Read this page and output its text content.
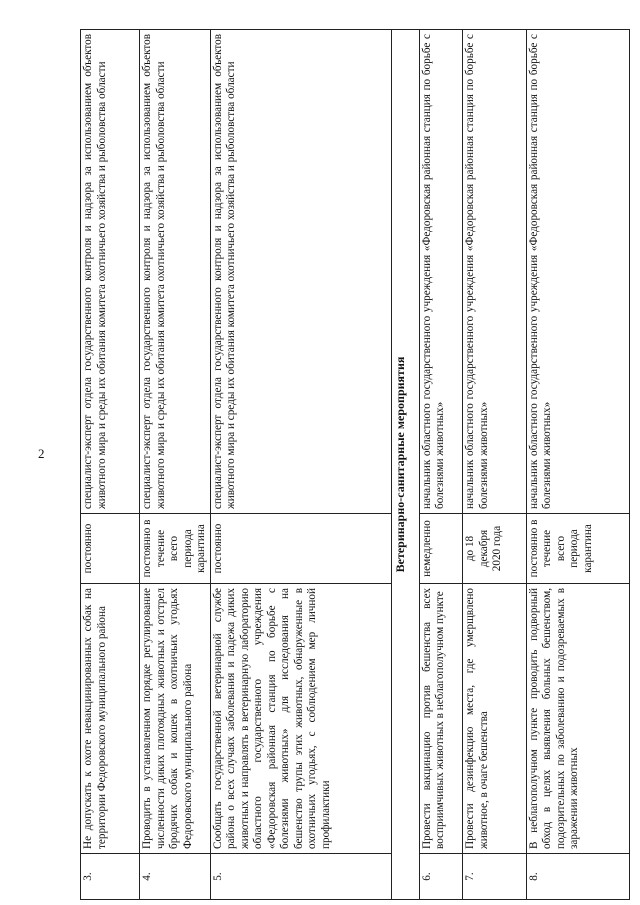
2
3.	Не допускать к охоте невакцинированных собак на территории Федоровского муниципального района	постоянно	специалист-эксперт отдела государственного контроля и надзора за использованием объектов животного мира и среды их обитания комитета охотничьего хозяйства и рыболовства области
4.	Проводить в установленном порядке регулирование численности диких плотоядных животных и отстрел бродячих собак и кошек в охотничьих угодьях Федоровского муниципального района	постоянно в течение всего периода карантина	специалист-эксперт отдела государственного контроля и надзора за использованием объектов животного мира и среды их обитания комитета охотничьего хозяйства и рыболовства области
5.	Сообщать государственной ветеринарной службе района о всех случаях заболевания и падежа диких животных и направлять в ветеринарную лабораторию областного государственного учреждения «Федоровская районная станция по борьбе с болезнями животных» для исследования на бешенство трупы этих животных, обнаруженные в охотничьих угодьях, с соблюдением мер личной профилактики	постоянно	специалист-эксперт отдела государственного контроля и надзора за использованием объектов животного мира и среды их обитания комитета охотничьего хозяйства и рыболовства области
Ветеринарно-санитарные мероприятия			
6.	Провести вакцинацию против бешенства всех восприимчивых животных в неблагополучном пункте	немедленно	начальник областного государственного учреждения «Федоровская районная станция по борьбе с болезнями животных»
7.	Провести дезинфекцию места, где умерщвлено животное, в очаге бешенства	до 18 декабря 2020 года	начальник областного государственного учреждения «Федоровская районная станция по борьбе с болезнями животных»
8.	В неблагополучном пункте проводить подворный обход в целях выявления больных бешенством, подозрительных по заболеванию и подозреваемых в заражении животных	постоянно в течение всего периода карантина	начальник областного государственного учреждения «Федоровская районная станция по борьбе с болезнями животных»
